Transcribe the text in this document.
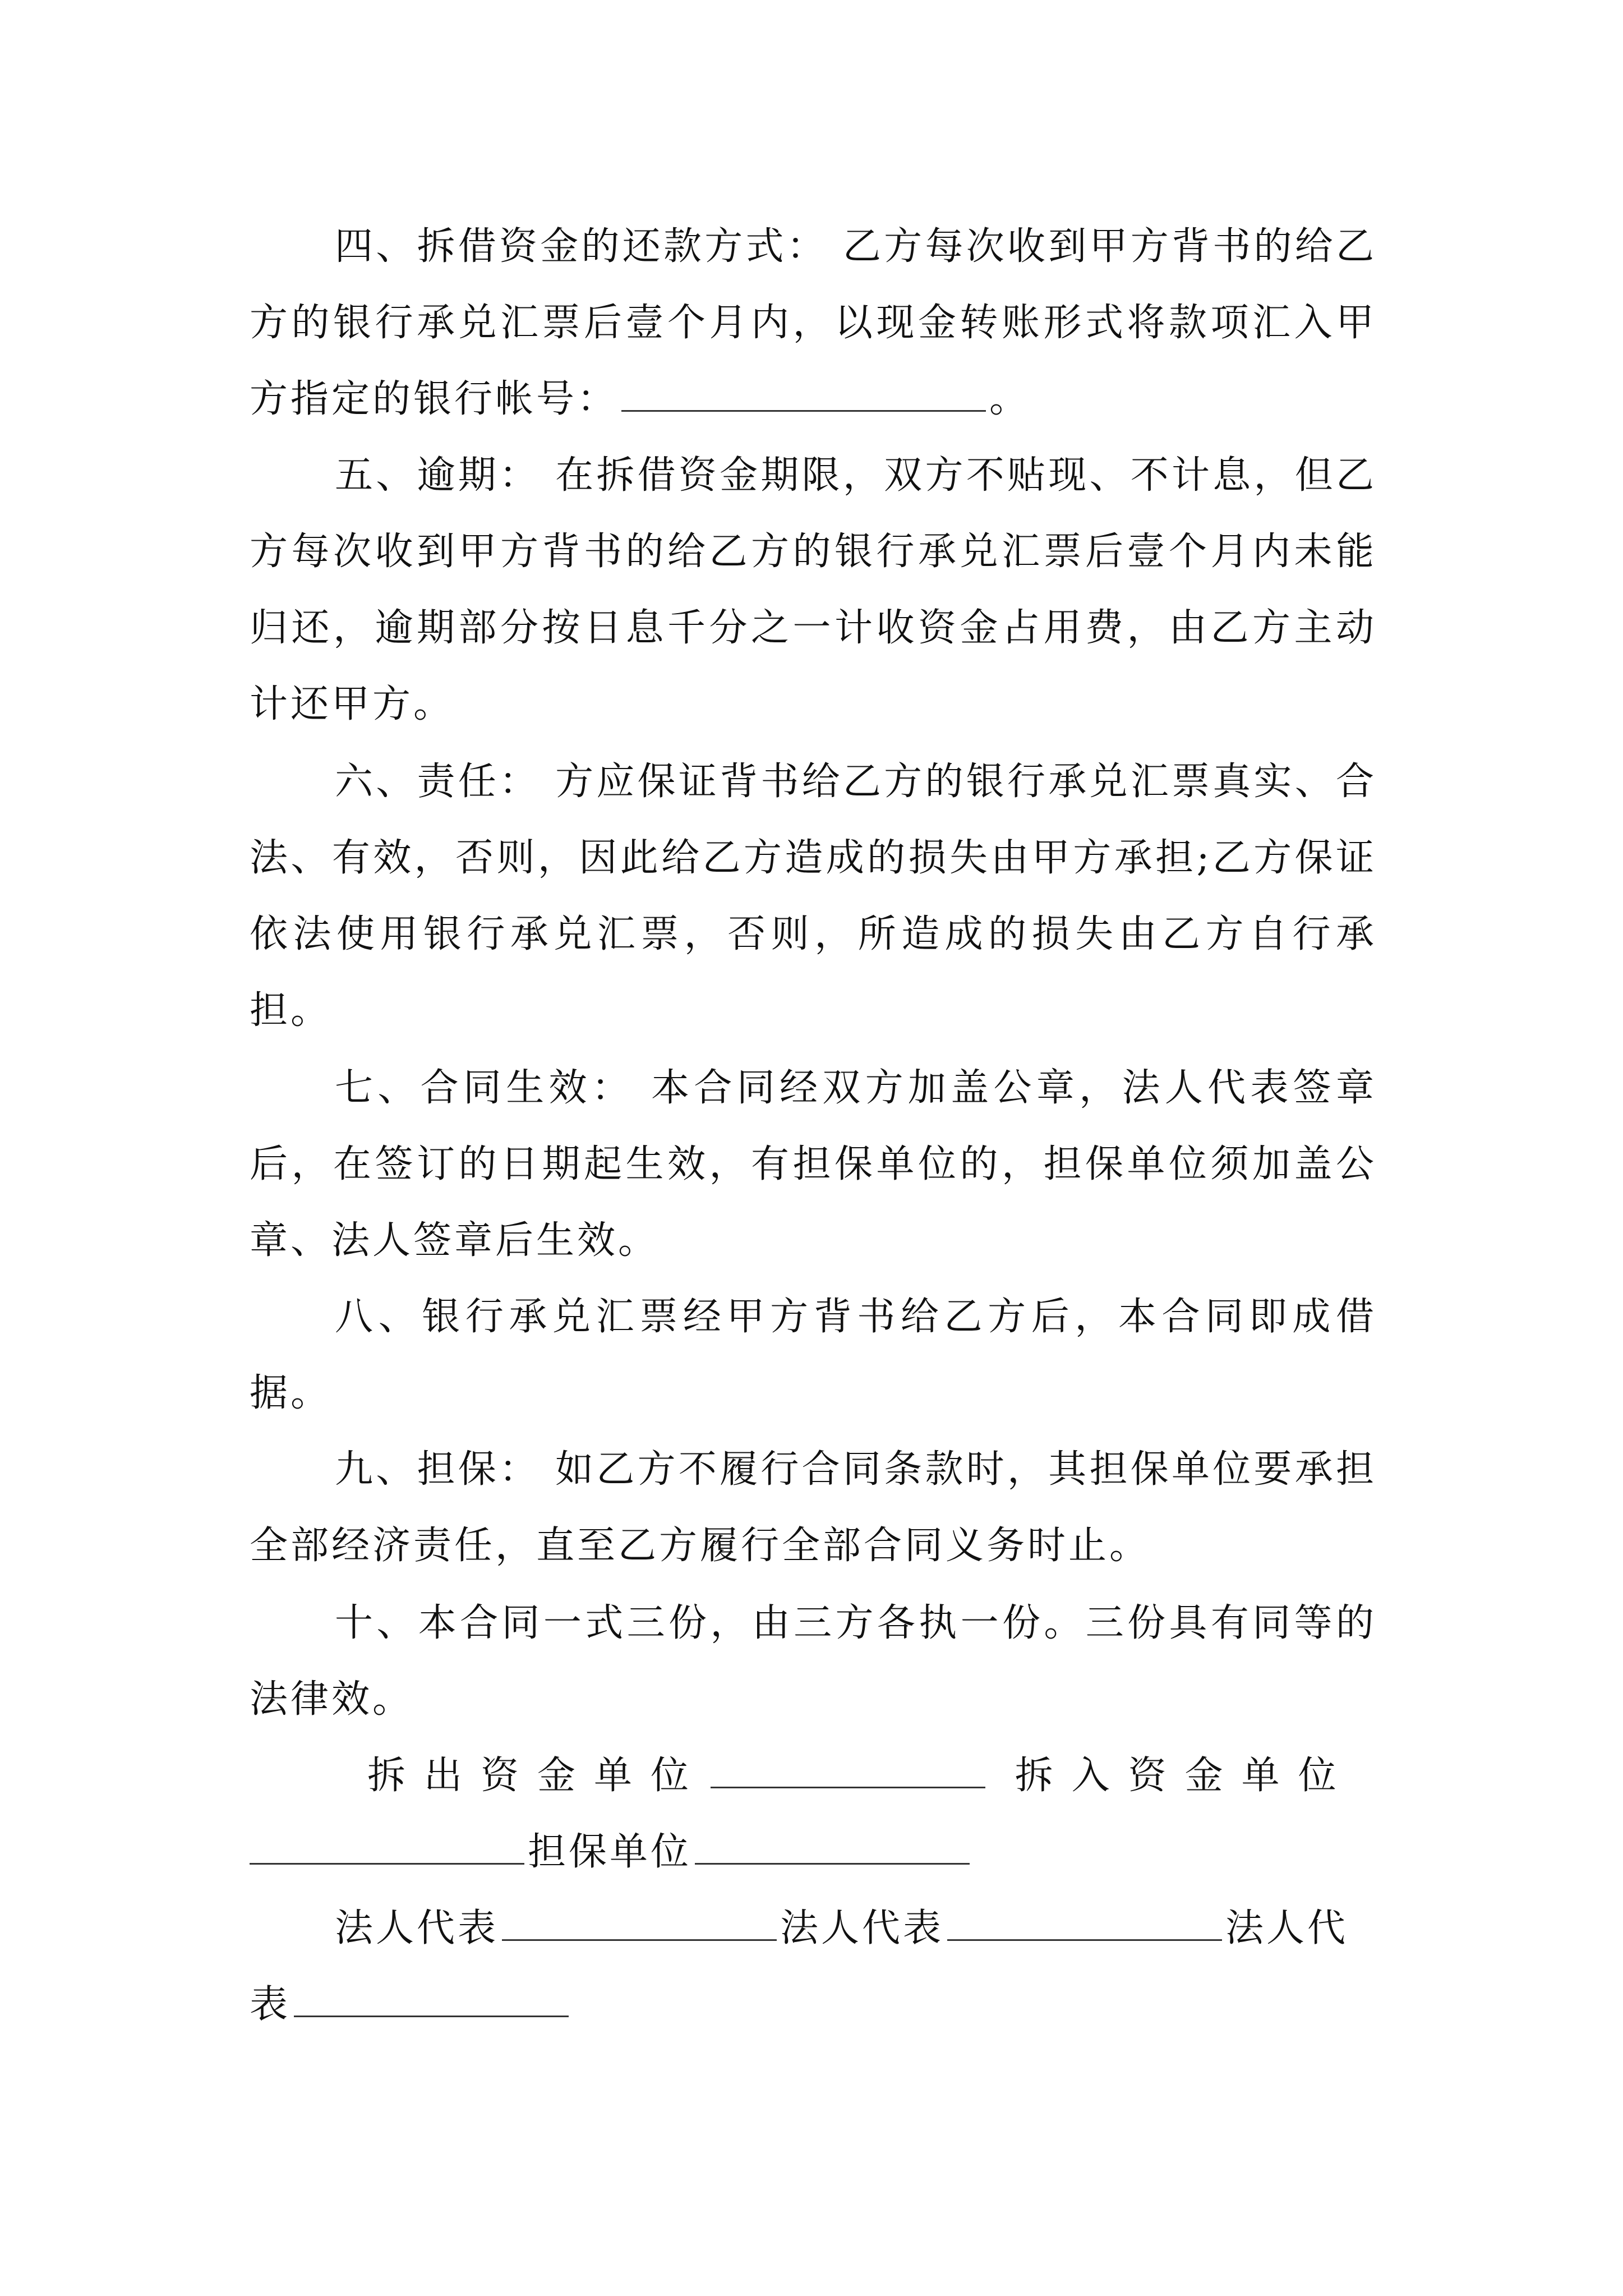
四、拆借资金的还款方式： 乙方每次收到甲方背书的给乙方的银行承兑汇票后壹个月内，以现金转账形式将款项汇入甲方指定的银行帐号：	。

五、逾期： 在拆借资金期限，双方不贴现、不计息，但乙方每次收到甲方背书的给乙方的银行承兑汇票后壹个月内未能归还，逾期部分按日息千分之一计收资金占用费，由乙方主动计还甲方。

六、责任： 方应保证背书给乙方的银行承兑汇票真实、合法、有效，否则，因此给乙方造成的损失由甲方承担;乙方保证依法使用银行承兑汇票，否则，所造成的损失由乙方自行承担。

七、合同生效： 本合同经双方加盖公章，法人代表签章后，在签订的日期起生效，有担保单位的，担保单位须加盖公章、法人签章后生效。

八、银行承兑汇票经甲方背书给乙方后，本合同即成借据。

九、担保： 如乙方不履行合同条款时，其担保单位要承担全部经济责任，直至乙方履行全部合同义务时止。

十、本合同一式三份，由三方各执一份。三份具有同等的法律效。

拆出资金单位	拆入资金单位
担保单位
法人代表	法人代表	法人代
表
